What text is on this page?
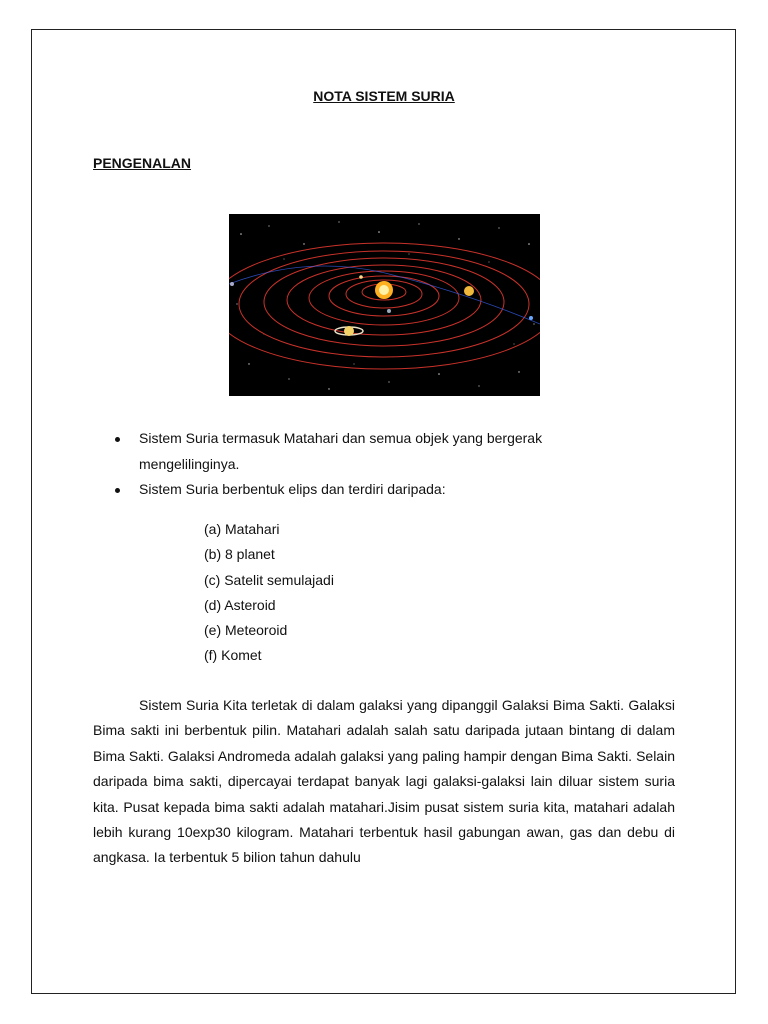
NOTA SISTEM SURIA
PENGENALAN
Sistem Suria termasuk Matahari dan semua objek yang bergerak mengelilinginya.
Sistem Suria berbentuk elips dan terdiri daripada:
(a) Matahari
(b) 8 planet
(c) Satelit semulajadi
(d) Asteroid
(e) Meteoroid
(f) Komet

Sistem Suria Kita terletak di dalam galaksi yang dipanggil Galaksi Bima Sakti. Galaksi Bima sakti ini berbentuk pilin. Matahari adalah salah satu daripada jutaan bintang di dalam Bima Sakti. Galaksi Andromeda adalah galaksi yang paling hampir dengan Bima Sakti. Selain daripada bima sakti, dipercayai terdapat banyak lagi galaksi-galaksi lain diluar sistem suria kita. Pusat kepada bima sakti adalah matahari.Jisim pusat sistem suria kita, matahari adalah lebih kurang 10exp30 kilogram. Matahari terbentuk hasil gabungan awan, gas dan debu di angkasa. Ia terbentuk 5 bilion tahun dahulu
